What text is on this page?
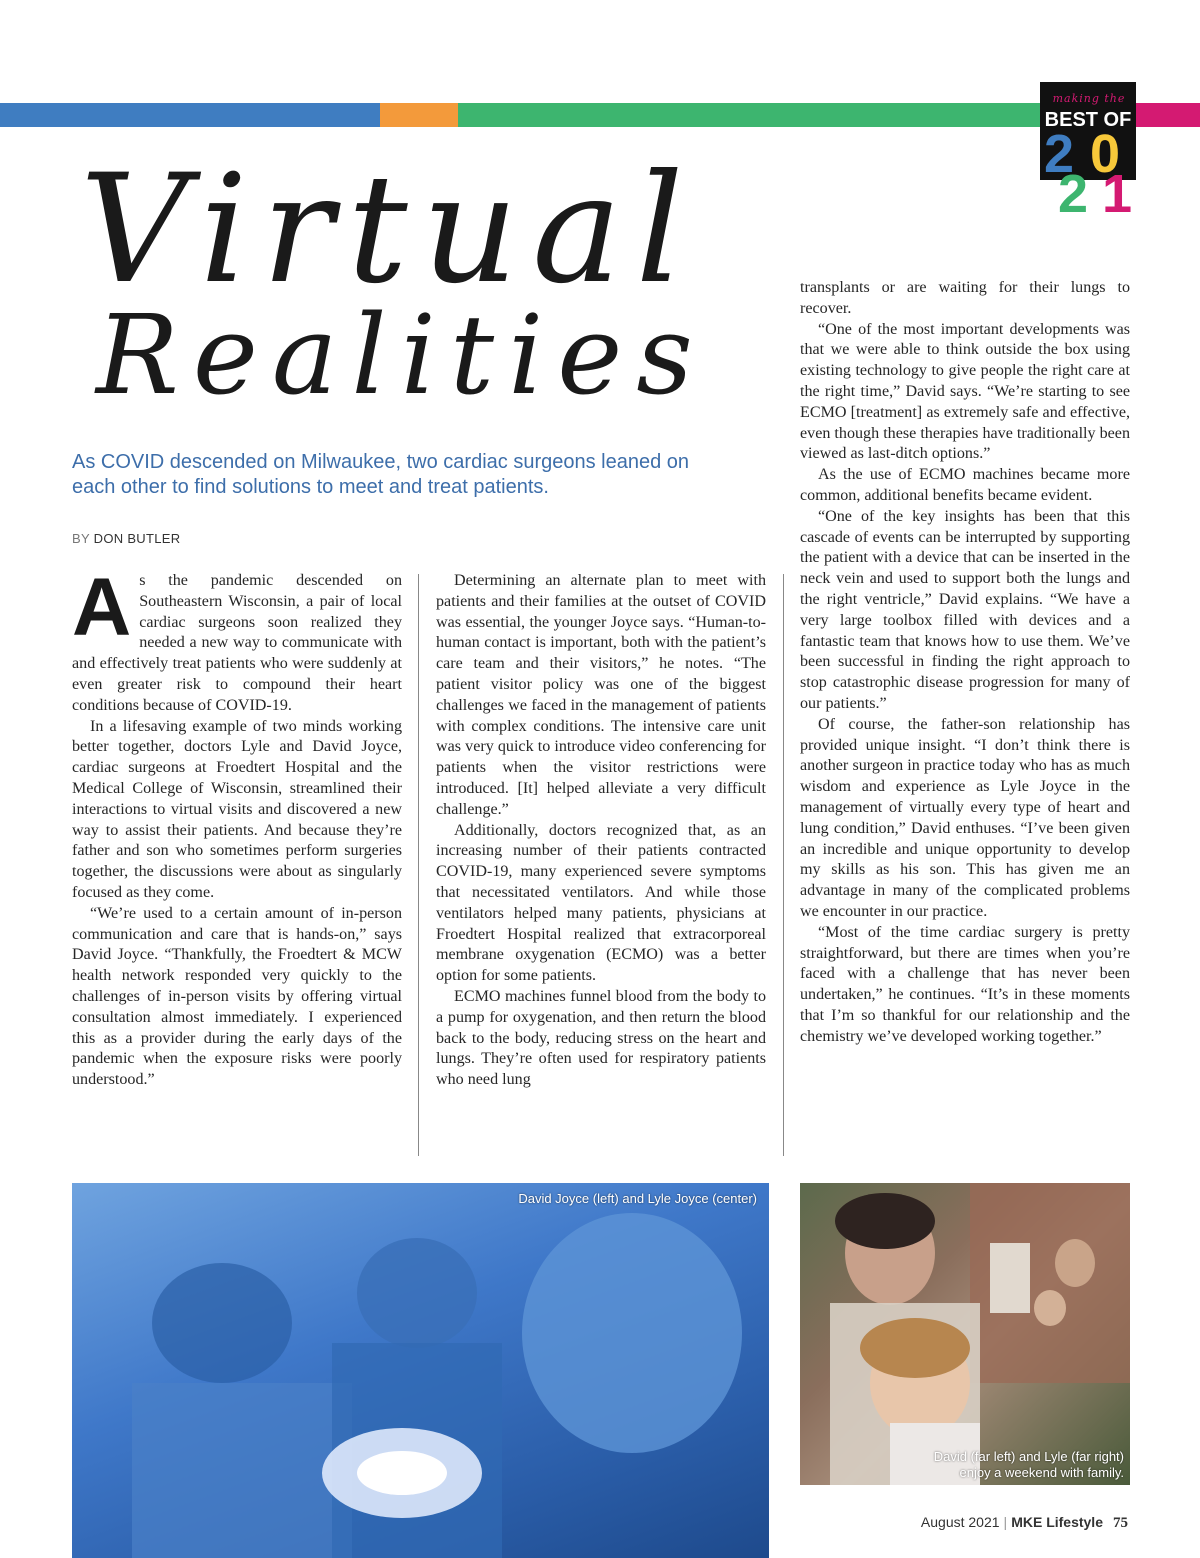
making the
BEST OF
2 0
2 1
Virtual
Realities

As COVID descended on Milwaukee, two cardiac surgeons leaned on each other to find solutions to meet and treat patients.

BY DON BUTLER

As the pandemic descended on Southeastern Wisconsin, a pair of local cardiac surgeons soon realized they needed a new way to communicate with and effectively treat patients who were suddenly at even greater risk to compound their heart conditions because of COVID-19.

In a lifesaving example of two minds working better together, doctors Lyle and David Joyce, cardiac surgeons at Froedtert Hospital and the Medical College of Wisconsin, streamlined their interactions to virtual visits and discovered a new way to assist their patients. And because they’re father and son who sometimes perform surgeries together, the discussions were about as singularly focused as they come.

“We’re used to a certain amount of in-person communication and care that is hands-on,” says David Joyce. “Thankfully, the Froedtert & MCW health network responded very quickly to the challenges of in-person visits by offering virtual consultation almost immediately. I experienced this as a provider during the early days of the pandemic when the exposure risks were poorly understood.”

Determining an alternate plan to meet with patients and their families at the outset of COVID was essential, the younger Joyce says. “Human-to-human contact is important, both with the patient’s care team and their visitors,” he notes. “The patient visitor policy was one of the biggest challenges we faced in the management of patients with complex conditions. The intensive care unit was very quick to introduce video conferencing for patients when the visitor restrictions were introduced. [It] helped alleviate a very difficult challenge.”

Additionally, doctors recognized that, as an increasing number of their patients contracted COVID-19, many experienced severe symptoms that necessitated ventilators. And while those ventilators helped many patients, physicians at Froedtert Hospital realized that extracorporeal membrane oxygenation (ECMO) was a better option for some patients.

ECMO machines funnel blood from the body to a pump for oxygenation, and then return the blood back to the body, reducing stress on the heart and lungs. They’re often used for respiratory patients who need lung

transplants or are waiting for their lungs to recover.

“One of the most important developments was that we were able to think outside the box using existing technology to give people the right care at the right time,” David says. “We’re starting to see ECMO [treatment] as extremely safe and effective, even though these therapies have traditionally been viewed as last-ditch options.”

As the use of ECMO machines became more common, additional benefits became evident.

“One of the key insights has been that this cascade of events can be interrupted by supporting the patient with a device that can be inserted in the neck vein and used to support both the lungs and the right ventricle,” David explains. “We have a very large toolbox filled with devices and a fantastic team that knows how to use them. We’ve been successful in finding the right approach to stop catastrophic disease progression for many of our patients.”

Of course, the father-son relationship has provided unique insight. “I don’t think there is another surgeon in practice today who has as much wisdom and experience as Lyle Joyce in the management of virtually every type of heart and lung condition,” David enthuses. “I’ve been given an incredible and unique opportunity to develop my skills as his son. This has given me an advantage in many of the complicated problems we encounter in our practice.

“Most of the time cardiac surgery is pretty straightforward, but there are times when you’re faced with a challenge that has never been undertaken,” he continues. “It’s in these moments that I’m so thankful for our relationship and the chemistry we’ve developed working together.”

David Joyce (left) and Lyle Joyce (center)
David (far left) and Lyle (far right)
enjoy a weekend with family.
August 2021 | MKE Lifestyle 75
